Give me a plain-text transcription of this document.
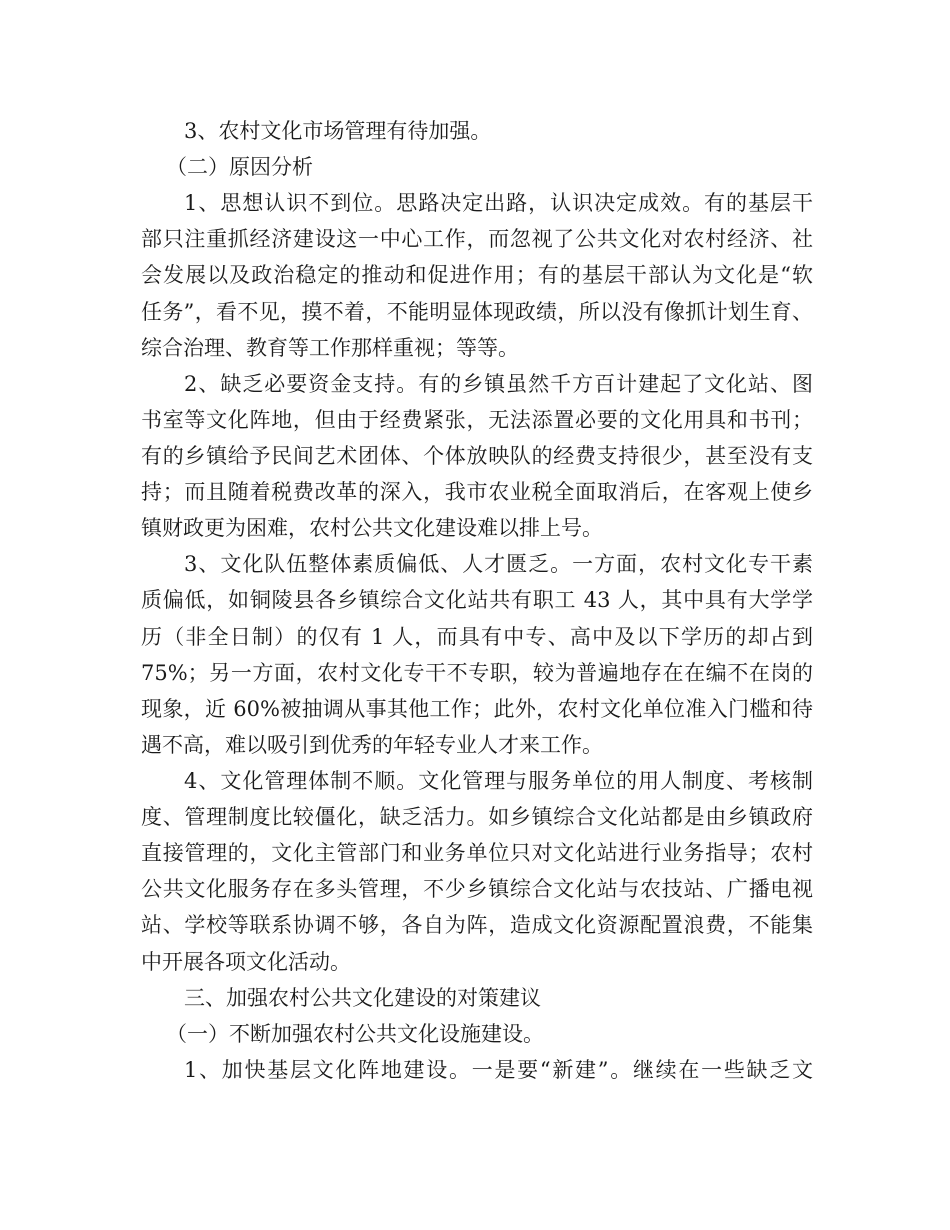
3、农村文化市场管理有待加强。
（二）原因分析
1、思想认识不到位。思路决定出路，认识决定成效。有的基层干
部只注重抓经济建设这一中心工作，而忽视了公共文化对农村经济、社
会发展以及政治稳定的推动和促进作用；有的基层干部认为文化是“软
任务”，看不见，摸不着，不能明显体现政绩，所以没有像抓计划生育、
综合治理、教育等工作那样重视；等等。
2、缺乏必要资金支持。有的乡镇虽然千方百计建起了文化站、图
书室等文化阵地，但由于经费紧张，无法添置必要的文化用具和书刊；
有的乡镇给予民间艺术团体、个体放映队的经费支持很少，甚至没有支
持；而且随着税费改革的深入，我市农业税全面取消后，在客观上使乡
镇财政更为困难，农村公共文化建设难以排上号。
3、文化队伍整体素质偏低、人才匮乏。一方面，农村文化专干素
质偏低，如铜陵县各乡镇综合文化站共有职工 43 人，其中具有大学学
历（非全日制）的仅有 1 人，而具有中专、高中及以下学历的却占到
75%；另一方面，农村文化专干不专职，较为普遍地存在在编不在岗的
现象，近 60%被抽调从事其他工作；此外，农村文化单位准入门槛和待
遇不高，难以吸引到优秀的年轻专业人才来工作。
4、文化管理体制不顺。文化管理与服务单位的用人制度、考核制
度、管理制度比较僵化，缺乏活力。如乡镇综合文化站都是由乡镇政府
直接管理的，文化主管部门和业务单位只对文化站进行业务指导；农村
公共文化服务存在多头管理，不少乡镇综合文化站与农技站、广播电视
站、学校等联系协调不够，各自为阵，造成文化资源配置浪费，不能集
中开展各项文化活动。
三、加强农村公共文化建设的对策建议
（一）不断加强农村公共文化设施建设。
1、加快基层文化阵地建设。一是要“新建”。继续在一些缺乏文
